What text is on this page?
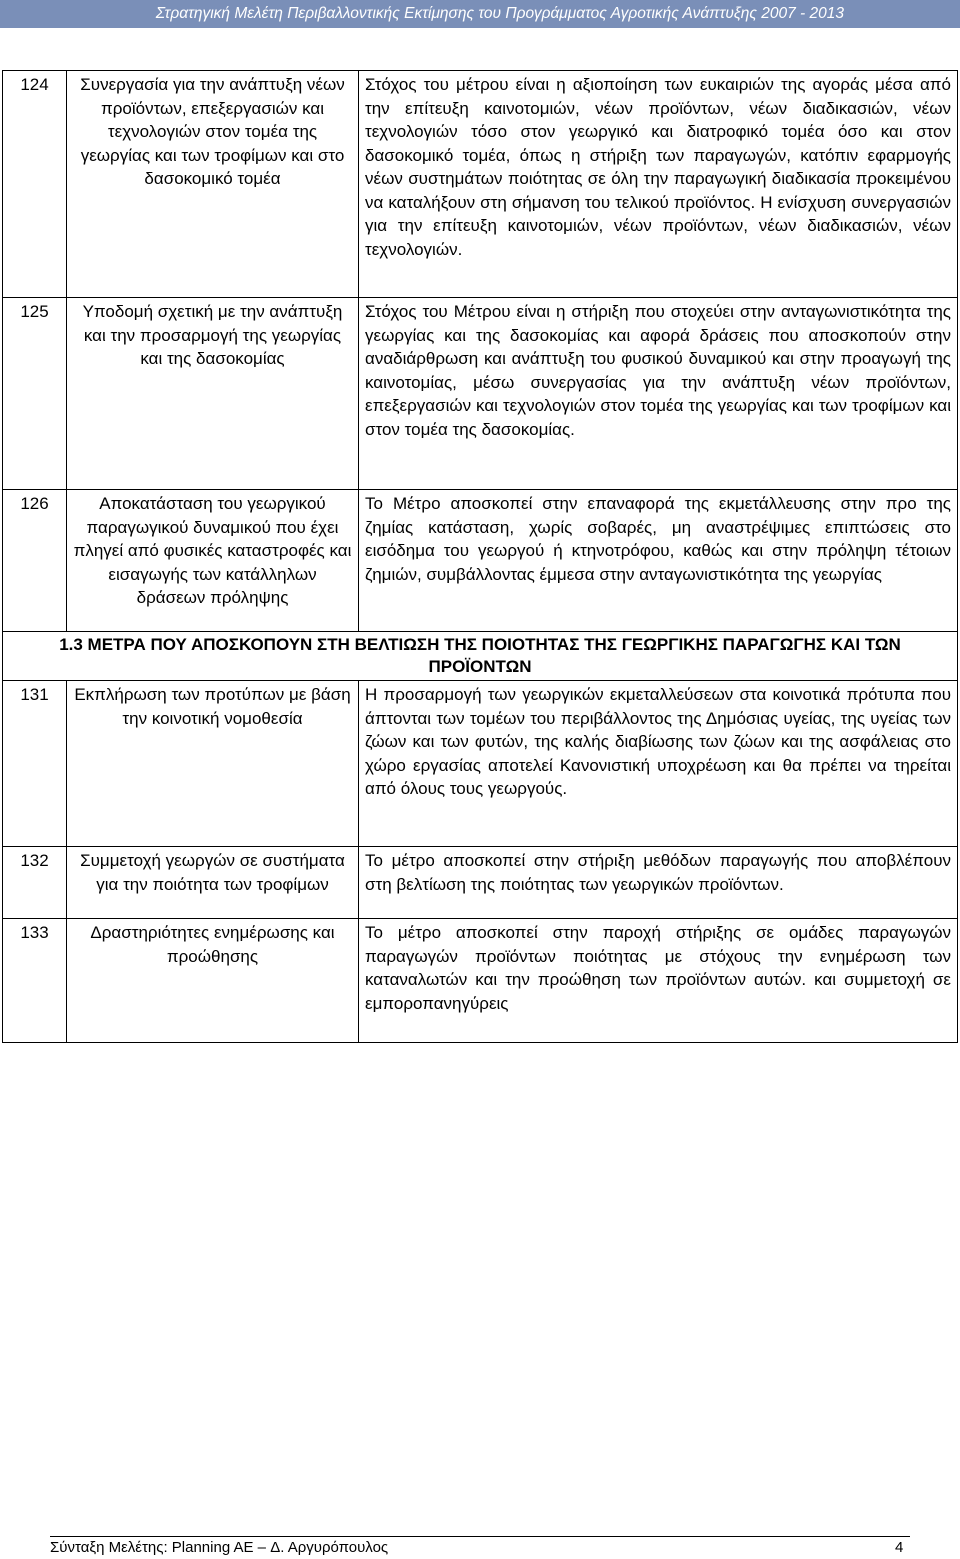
Στρατηγική Μελέτη Περιβαλλοντικής Εκτίμησης του Προγράμματος Αγροτικής Ανάπτυξης 2007 - 2013
124	Συνεργασία για την ανάπτυξη νέων προϊόντων, επεξεργασιών και τεχνολογιών στον τομέα της γεωργίας και των τροφίμων και στο δασοκομικό τομέα	Στόχος του μέτρου είναι η αξιοποίηση των ευκαιριών της αγοράς μέσα από την επίτευξη καινοτομιών, νέων προϊόντων, νέων διαδικασιών, νέων τεχνολογιών τόσο στον γεωργικό και διατροφικό τομέα όσο και στον δασοκομικό τομέα, όπως η στήριξη των παραγωγών, κατόπιν εφαρμογής νέων συστημάτων ποιότητας σε όλη την παραγωγική διαδικασία προκειμένου να καταλήξουν στη σήμανση του τελικού προϊόντος. Η ενίσχυση συνεργασιών για την επίτευξη καινοτομιών, νέων προϊόντων, νέων διαδικασιών, νέων τεχνολογιών.
125	Υποδομή σχετική με την ανάπτυξη και την προσαρμογή της γεωργίας και της δασοκομίας	Στόχος του Μέτρου είναι η στήριξη που στοχεύει στην ανταγωνιστικότητα της γεωργίας και της δασοκομίας και αφορά δράσεις που αποσκοπούν στην αναδιάρθρωση και ανάπτυξη του φυσικού δυναμικού και στην προαγωγή της καινοτομίας, μέσω συνεργασίας για την ανάπτυξη νέων προϊόντων, επεξεργασιών και τεχνολογιών στον τομέα της γεωργίας και των τροφίμων και στον τομέα της δασοκομίας.
126	Αποκατάσταση του γεωργικού παραγωγικού δυναμικού που έχει πληγεί από φυσικές καταστροφές και εισαγωγής των κατάλληλων δράσεων πρόληψης	Το Μέτρο αποσκοπεί στην επαναφορά της εκμετάλλευσης στην προ της ζημίας κατάσταση, χωρίς σοβαρές, μη αναστρέψιμες επιπτώσεις στο εισόδημα του γεωργού ή κτηνοτρόφου, καθώς και στην πρόληψη τέτοιων ζημιών, συμβάλλοντας έμμεσα στην ανταγωνιστικότητα της γεωργίας
1.3 ΜΕΤΡΑ ΠΟΥ ΑΠΟΣΚΟΠΟΥΝ ΣΤΗ ΒΕΛΤΙΩΣΗ ΤΗΣ ΠΟΙΟΤΗΤΑΣ ΤΗΣ ΓΕΩΡΓΙΚΗΣ ΠΑΡΑΓΩΓΗΣ ΚΑΙ ΤΩΝ ΠΡΟΪΟΝΤΩΝ		
131	Εκπλήρωση των προτύπων με βάση την κοινοτική νομοθεσία	Η προσαρμογή των γεωργικών εκμεταλλεύσεων στα κοινοτικά πρότυπα που άπτονται των τομέων του περιβάλλοντος της Δημόσιας υγείας, της υγείας των ζώων και των φυτών, της καλής διαβίωσης των ζώων και της ασφάλειας στο χώρο εργασίας αποτελεί Κανονιστική υποχρέωση και θα πρέπει να τηρείται από όλους τους γεωργούς.
132	Συμμετοχή γεωργών σε συστήματα για την ποιότητα των τροφίμων	Το μέτρο αποσκοπεί στην στήριξη μεθόδων παραγωγής που αποβλέπουν στη βελτίωση της ποιότητας των γεωργικών προϊόντων.
133	Δραστηριότητες ενημέρωσης και προώθησης	Το μέτρο αποσκοπεί στην παροχή στήριξης σε ομάδες παραγωγών παραγωγών προϊόντων ποιότητας με στόχους την ενημέρωση των καταναλωτών και την προώθηση των προϊόντων αυτών. και συμμετοχή σε εμποροπανηγύρεις
Σύνταξη Μελέτης: Planning AE – Δ. Αργυρόπουλος	4
